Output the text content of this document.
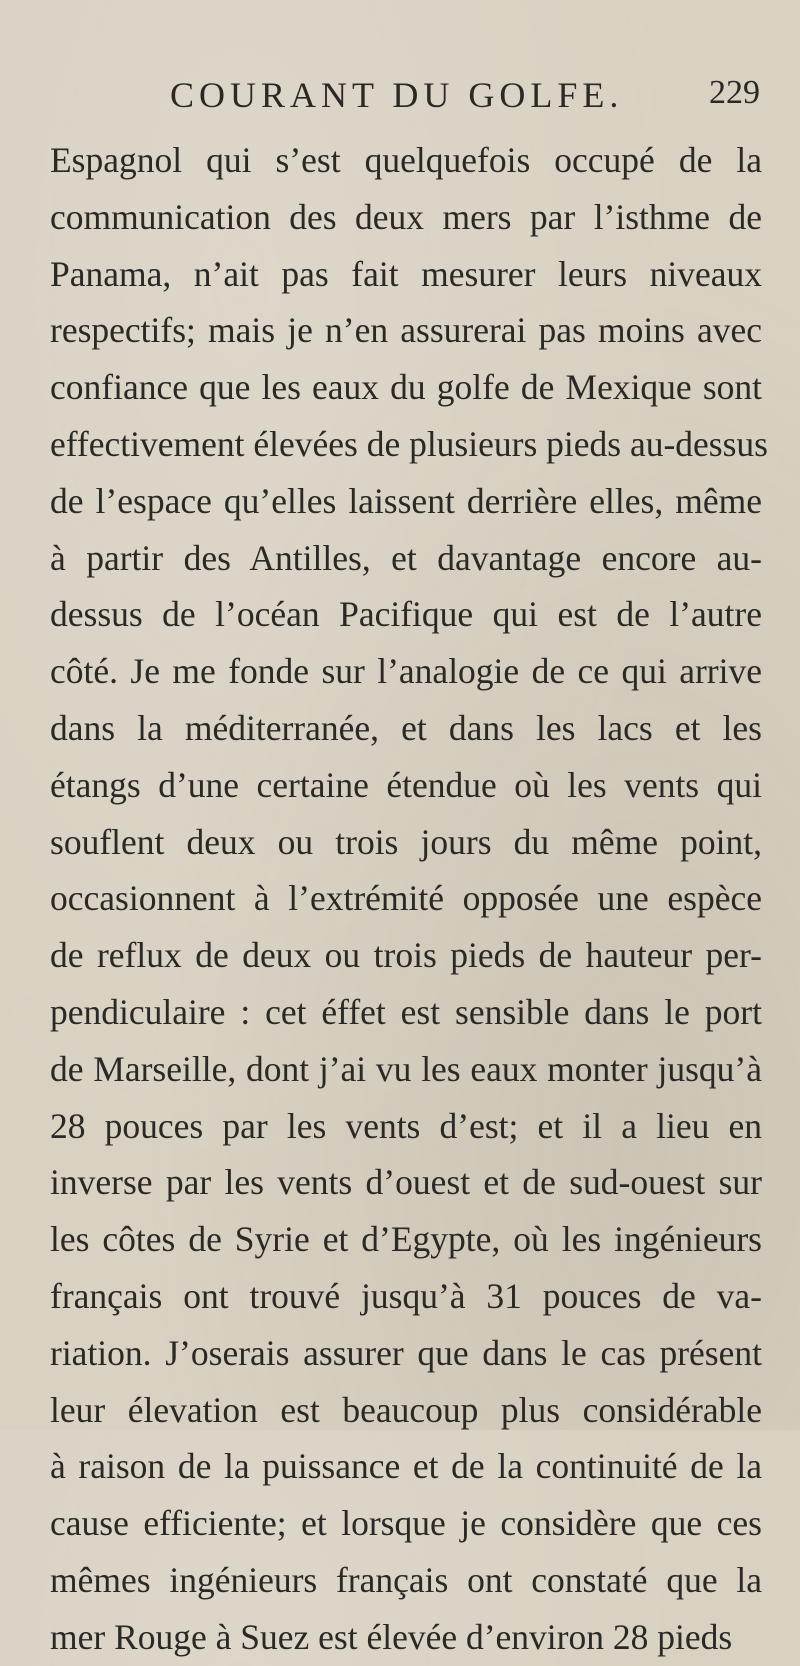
COURANT DU GOLFE.	229
Espagnol qui s’est quelquefois occupé de la
communication des deux mers par l’isthme de
Panama, n’ait pas fait mesurer leurs niveaux
respectifs; mais je n’en assurerai pas moins avec
confiance que les eaux du golfe de Mexique sont
effectivement élevées de plusieurs pieds au-dessus
de l’espace qu’elles laissent derrière elles, même
à partir des Antilles, et davantage encore au-
dessus de l’océan Pacifique qui est de l’autre
côté. Je me fonde sur l’analogie de ce qui arrive
dans la méditerranée, et dans les lacs et les
étangs d’une certaine étendue où les vents qui
souflent deux ou trois jours du même point,
occasionnent à l’extrémité opposée une espèce
de reflux de deux ou trois pieds de hauteur per-
pendiculaire : cet éffet est sensible dans le port
de Marseille, dont j’ai vu les eaux monter jusqu’à
28 pouces par les vents d’est; et il a lieu en
inverse par les vents d’ouest et de sud-ouest sur
les côtes de Syrie et d’Egypte, où les ingénieurs
français ont trouvé jusqu’à 31 pouces de va-
riation. J’oserais assurer que dans le cas présent
leur élevation est beaucoup plus considérable
à raison de la puissance et de la continuité de la
cause efficiente; et lorsque je considère que ces
mêmes ingénieurs français ont constaté que la
mer Rouge à Suez est élevée d’environ 28 pieds
